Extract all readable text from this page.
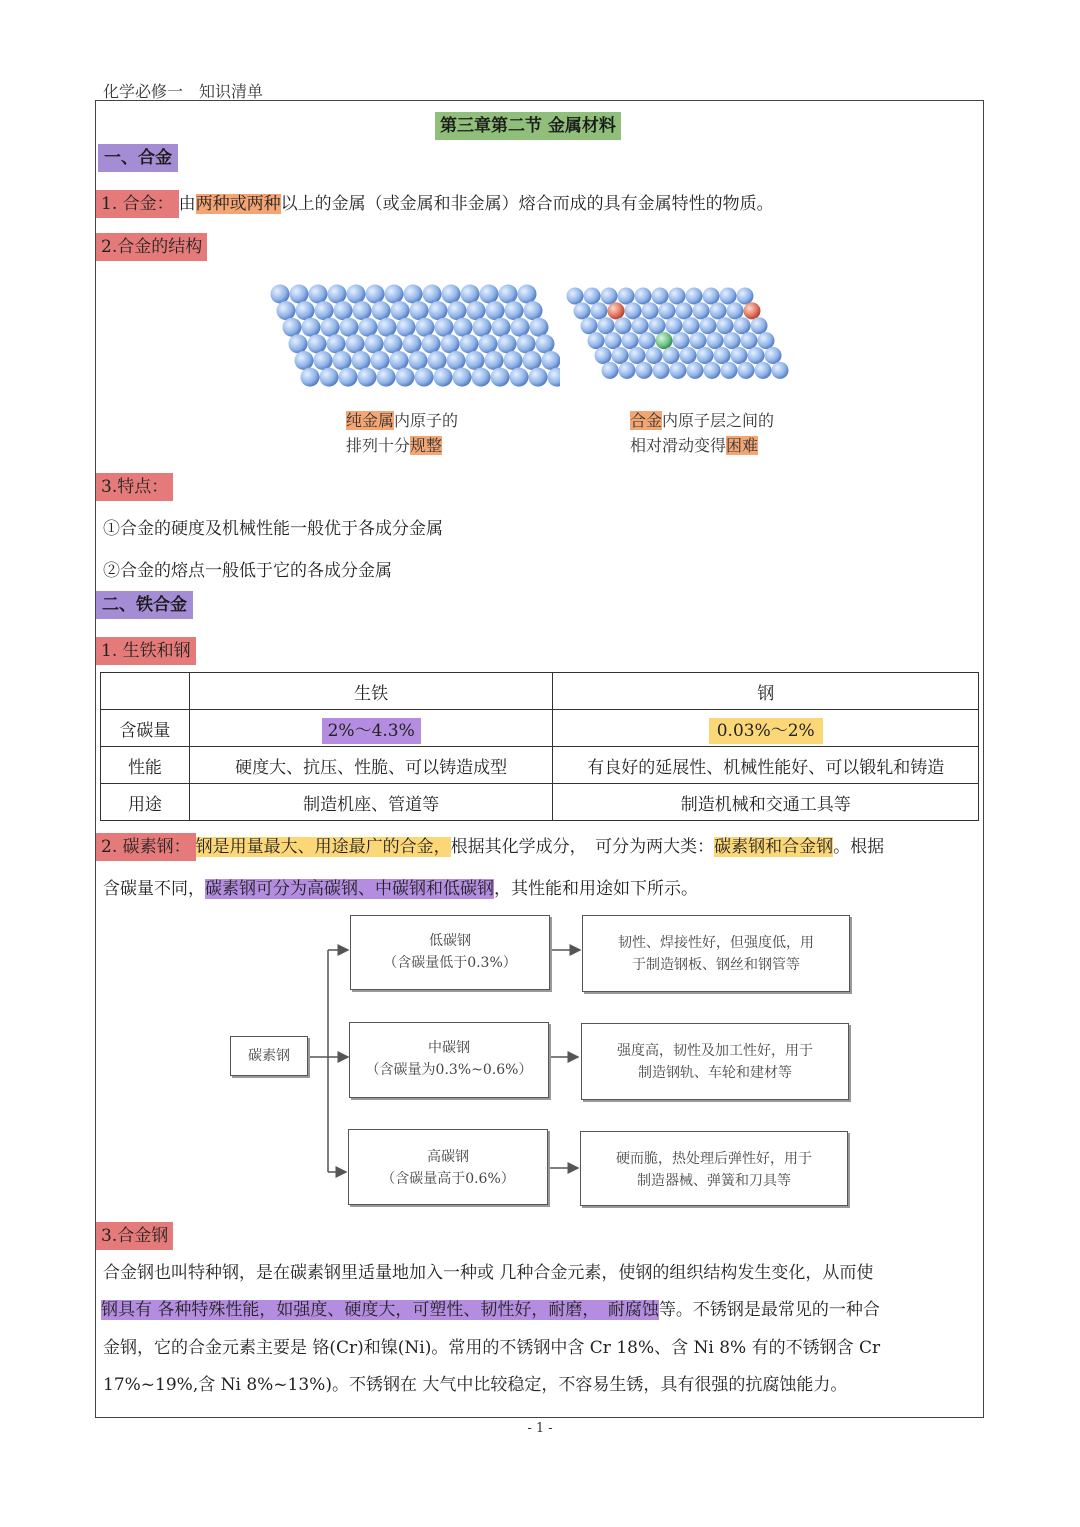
化学必修一　知识清单
第三章第二节 金属材料
一、合金
1. 合金： 由两种或两种以上的金属（或金属和非金属）熔合而成的具有金属特性的物质。
2.合金的结构
纯金属内原子的
排列十分规整
合金内原子层之间的
相对滑动变得困难
3.特点：
①合金的硬度及机械性能一般优于各成分金属
②合金的熔点一般低于它的各成分金属
二、铁合金
1. 生铁和钢
	生铁	钢
含碳量	2%～4.3%	0.03%～2%
性能	硬度大、抗压、性脆、可以铸造成型	有良好的延展性、机械性能好、可以锻轧和铸造
用途	制造机座、管道等	制造机械和交通工具等
2. 碳素钢： 钢是用量最大、用途最广的合金，根据其化学成分，　可分为两大类：碳素钢和合金钢。根据
含碳量不同，碳素钢可分为高碳钢、中碳钢和低碳钢，其性能和用途如下所示。
碳素钢
低碳钢
（含碳量低于0.3%）
韧性、焊接性好，但强度低，用
于制造钢板、钢丝和钢管等
中碳钢
（含碳量为0.3%~0.6%）
强度高，韧性及加工性好，用于
制造钢轨、车轮和建材等
高碳钢
（含碳量高于0.6%）
硬而脆，热处理后弹性好，用于
制造器械、弹簧和刀具等
3.合金钢
合金钢也叫特种钢，是在碳素钢里适量地加入一种或 几种合金元素，使钢的组织结构发生变化，从而使
钢具有 各种特殊性能，如强度、硬度大，可塑性、韧性好，耐磨，　耐腐蚀等。不锈钢是最常见的一种合
金钢，它的合金元素主要是 铬(Cr)和镍(Ni)。常用的不锈钢中含 Cr 18%、含 Ni 8% 有的不锈钢含 Cr
17%~19%,含 Ni 8%~13%)。不锈钢在 大气中比较稳定，不容易生锈，具有很强的抗腐蚀能力。
- 1 -
